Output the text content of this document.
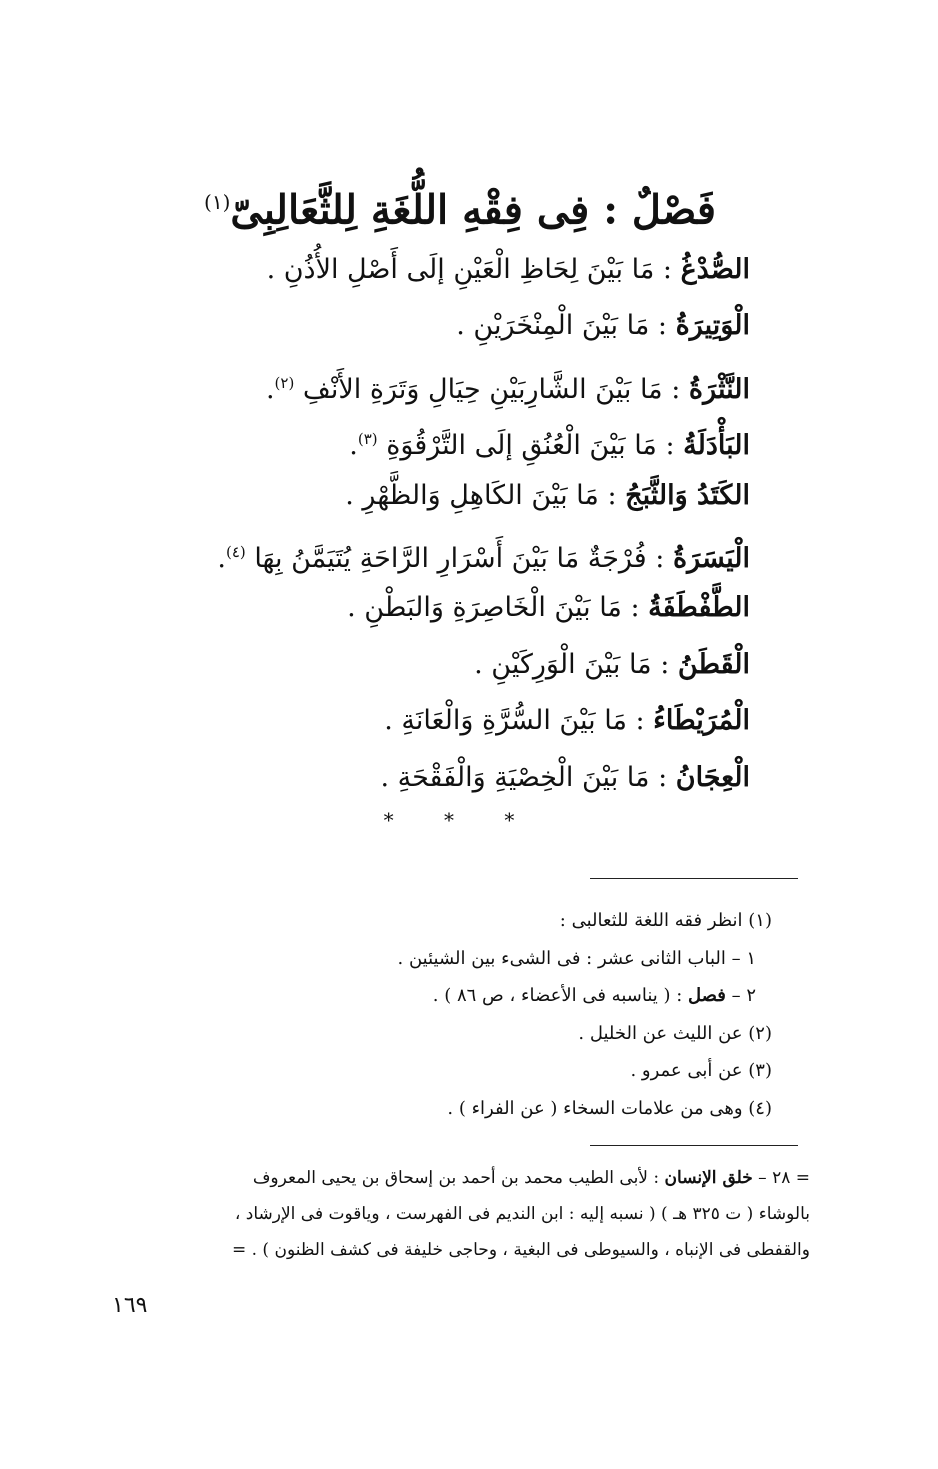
فَصْلٌ : فِى فِقْهِ اللُّغَةِ لِلثَّعَالِبِىّ$^{(١)}$
الصُّدْغُ : مَا بَيْنَ لِحَاظِ الْعَيْنِ إلَى أَصْلِ الأُذُنِ .
الْوَتِيرَةُ : مَا بَيْنَ الْمِنْخَرَيْنِ .
النَّثْرَةُ : مَا بَيْنَ الشَّارِبَيْنِ حِيَالِ وَتَرَةِ الأَنْفِ $^{(٢)}$.
البَأْدَلَةُ : مَا بَيْنَ الْعُنُقِ إلَى التَّرْقُوَةِ $^{(٣)}$.
الكَتَدُ وَالثَّبَجُ : مَا بَيْنَ الكَاهِلِ وَالظَّهْرِ .
الْيَسَرَةُ : فُرْجَةٌ مَا بَيْنَ أَسْرَارِ الرَّاحَةِ يُتَيَمَّنُ بِهَا $^{(٤)}$.
الطَّفْطَفَةُ : مَا بَيْنَ الْخَاصِرَةِ وَالبَطْنِ .
الْقَطَنُ : مَا بَيْنَ الْوَرِكَيْنِ .
الْمُرَيْطَاءُ : مَا بَيْنَ السُّرَّةِ وَالْعَانَةِ .
الْعِجَانُ : مَا بَيْنَ الْخِصْيَةِ وَالْفَقْحَةِ .
* * *
(١) انظر فقه اللغة للثعالبى :
١ – الباب الثانى عشر : فى الشىء بين الشيئين .
٢ – فصل : ( يناسبه فى الأعضاء ، ص ٨٦ ) .
(٢) عن الليث عن الخليل .
(٣) عن أبى عمرو .
(٤) وهى من علامات السخاء ( عن الفراء ) .
= ٢٨ – خلق الإنسان : لأبى الطيب محمد بن أحمد بن إسحاق بن يحيى المعروف
بالوشاء ( ت ٣٢٥ هـ ) ( نسبه إليه : ابن النديم فى الفهرست ، وياقوت فى الإرشاد ،
والقفطى فى الإنباه ، والسيوطى فى البغية ، وحاجى خليفة فى كشف الظنون ) . =
١٦٩
